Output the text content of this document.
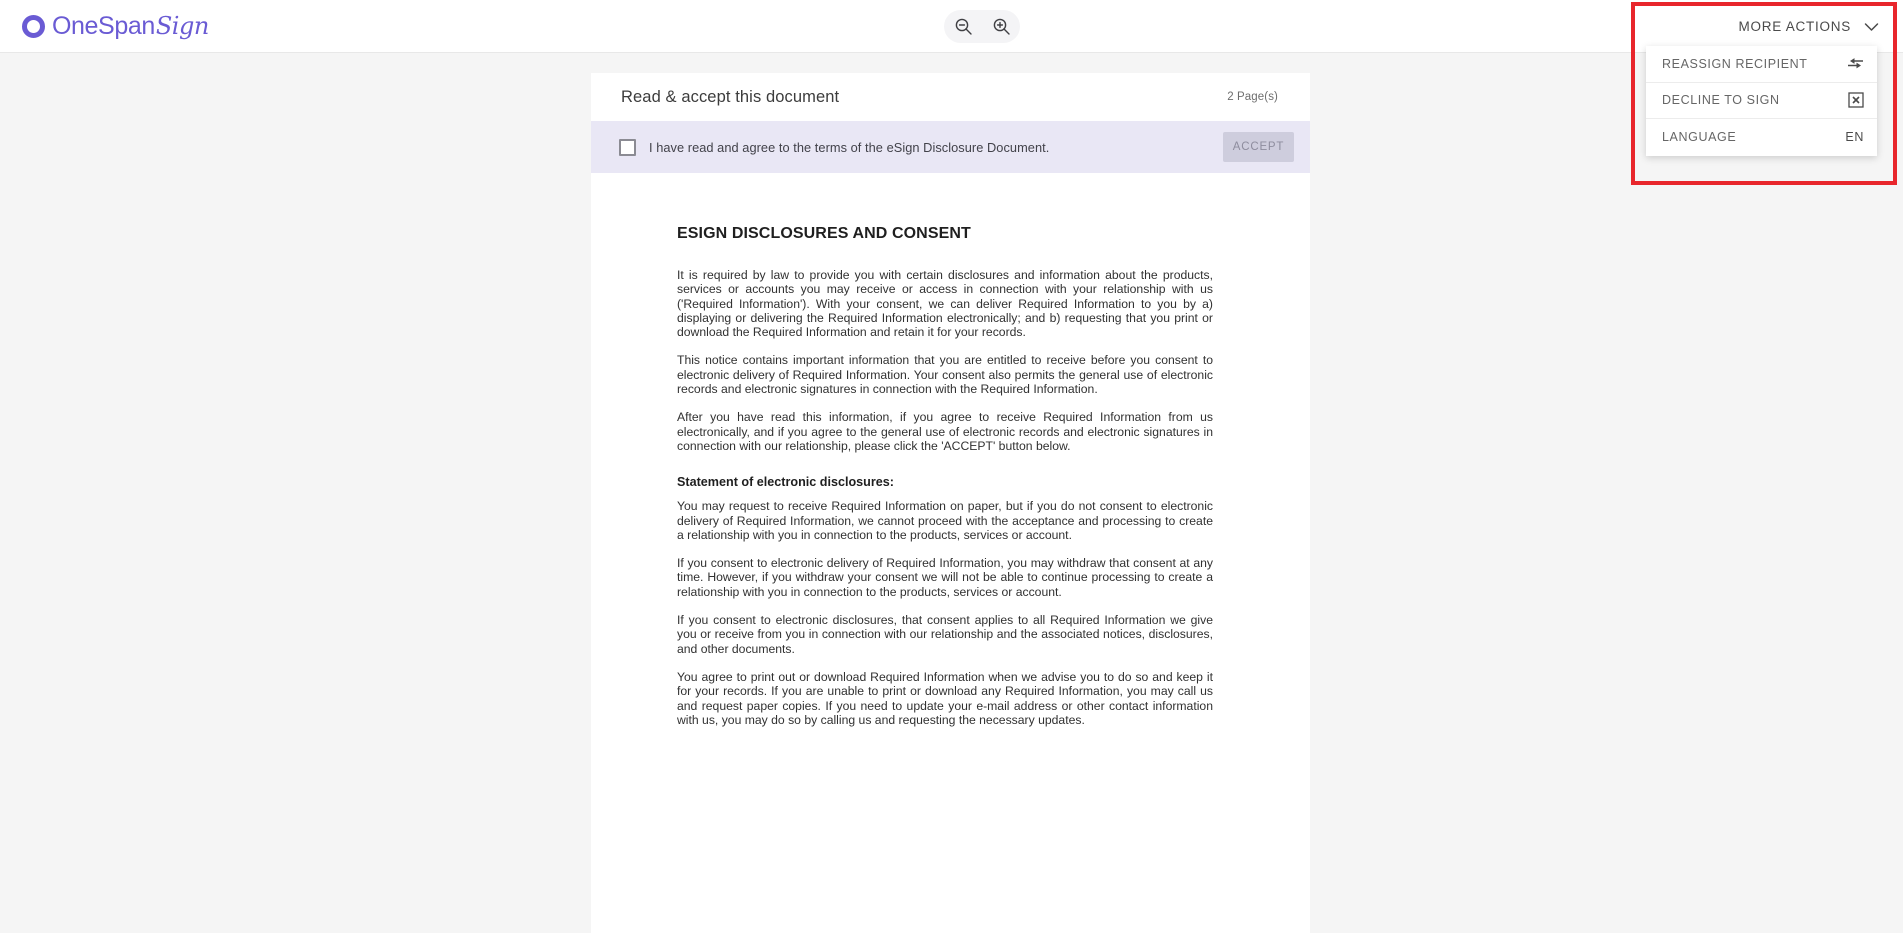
OneSpan Sign	MORE ACTIONS
REASSIGN RECIPIENT
DECLINE TO SIGN
LANGUAGE	EN
Read & accept this document	2 Page(s)
I have read and agree to the terms of the eSign Disclosure Document.	ACCEPT
ESIGN DISCLOSURES AND CONSENT

It is required by law to provide you with certain disclosures and information about the products, services or accounts you may receive or access in connection with your relationship with us ('Required Information'). With your consent, we can deliver Required Information to you by a) displaying or delivering the Required Information electronically; and b) requesting that you print or download the Required Information and retain it for your records.

This notice contains important information that you are entitled to receive before you consent to electronic delivery of Required Information. Your consent also permits the general use of electronic records and electronic signatures in connection with the Required Information.

After you have read this information, if you agree to receive Required Information from us electronically, and if you agree to the general use of electronic records and electronic signatures in connection with our relationship, please click the 'ACCEPT' button below.

Statement of electronic disclosures:

You may request to receive Required Information on paper, but if you do not consent to electronic delivery of Required Information, we cannot proceed with the acceptance and processing to create a relationship with you in connection to the products, services or account.

If you consent to electronic delivery of Required Information, you may withdraw that consent at any time. However, if you withdraw your consent we will not be able to continue processing to create a relationship with you in connection to the products, services or account.

If you consent to electronic disclosures, that consent applies to all Required Information we give you or receive from you in connection with our relationship and the associated notices, disclosures, and other documents.

You agree to print out or download Required Information when we advise you to do so and keep it for your records. If you are unable to print or download any Required Information, you may call us and request paper copies. If you need to update your e-mail address or other contact information with us, you may do so by calling us and requesting the necessary updates.
